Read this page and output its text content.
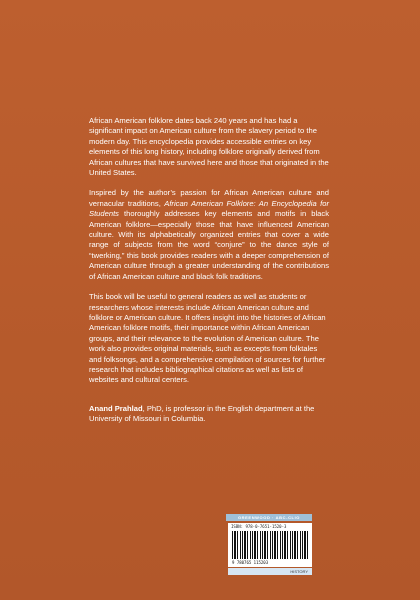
African American folklore dates back 240 years and has had a significant impact on American culture from the slavery period to the modern day. This encyclopedia provides accessible entries on key elements of this long history, including folklore originally derived from African cultures that have survived here and those that originated in the United States.

Inspired by the author’s passion for African American culture and vernacular traditions, African American Folklore: An Encyclopedia for Students thoroughly addresses key elements and motifs in black American folklore—especially those that have influenced American culture. With its alphabetically organized entries that cover a wide range of subjects from the word “conjure” to the dance style of “twerking,” this book provides readers with a deeper comprehension of American culture through a greater understanding of the contributions of African American culture and black folk traditions.

This book will be useful to general readers as well as students or researchers whose interests include African American culture and folklore or American culture. It offers insight into the histories of African American folklore motifs, their importance within African American groups, and their relevance to the evolution of American culture. The work also provides original materials, such as excepts from folktales and folksongs, and a comprehensive compilation of sources for further research that includes bibliographical citations as well as lists of websites and cultural centers.

Anand Prahlad, PhD, is professor in the English department at the University of Missouri in Columbia.

GREENWOOD · ABC-CLIO
ISBN: 978-0-7651-1520-3
9 780765 115203
HISTORY
